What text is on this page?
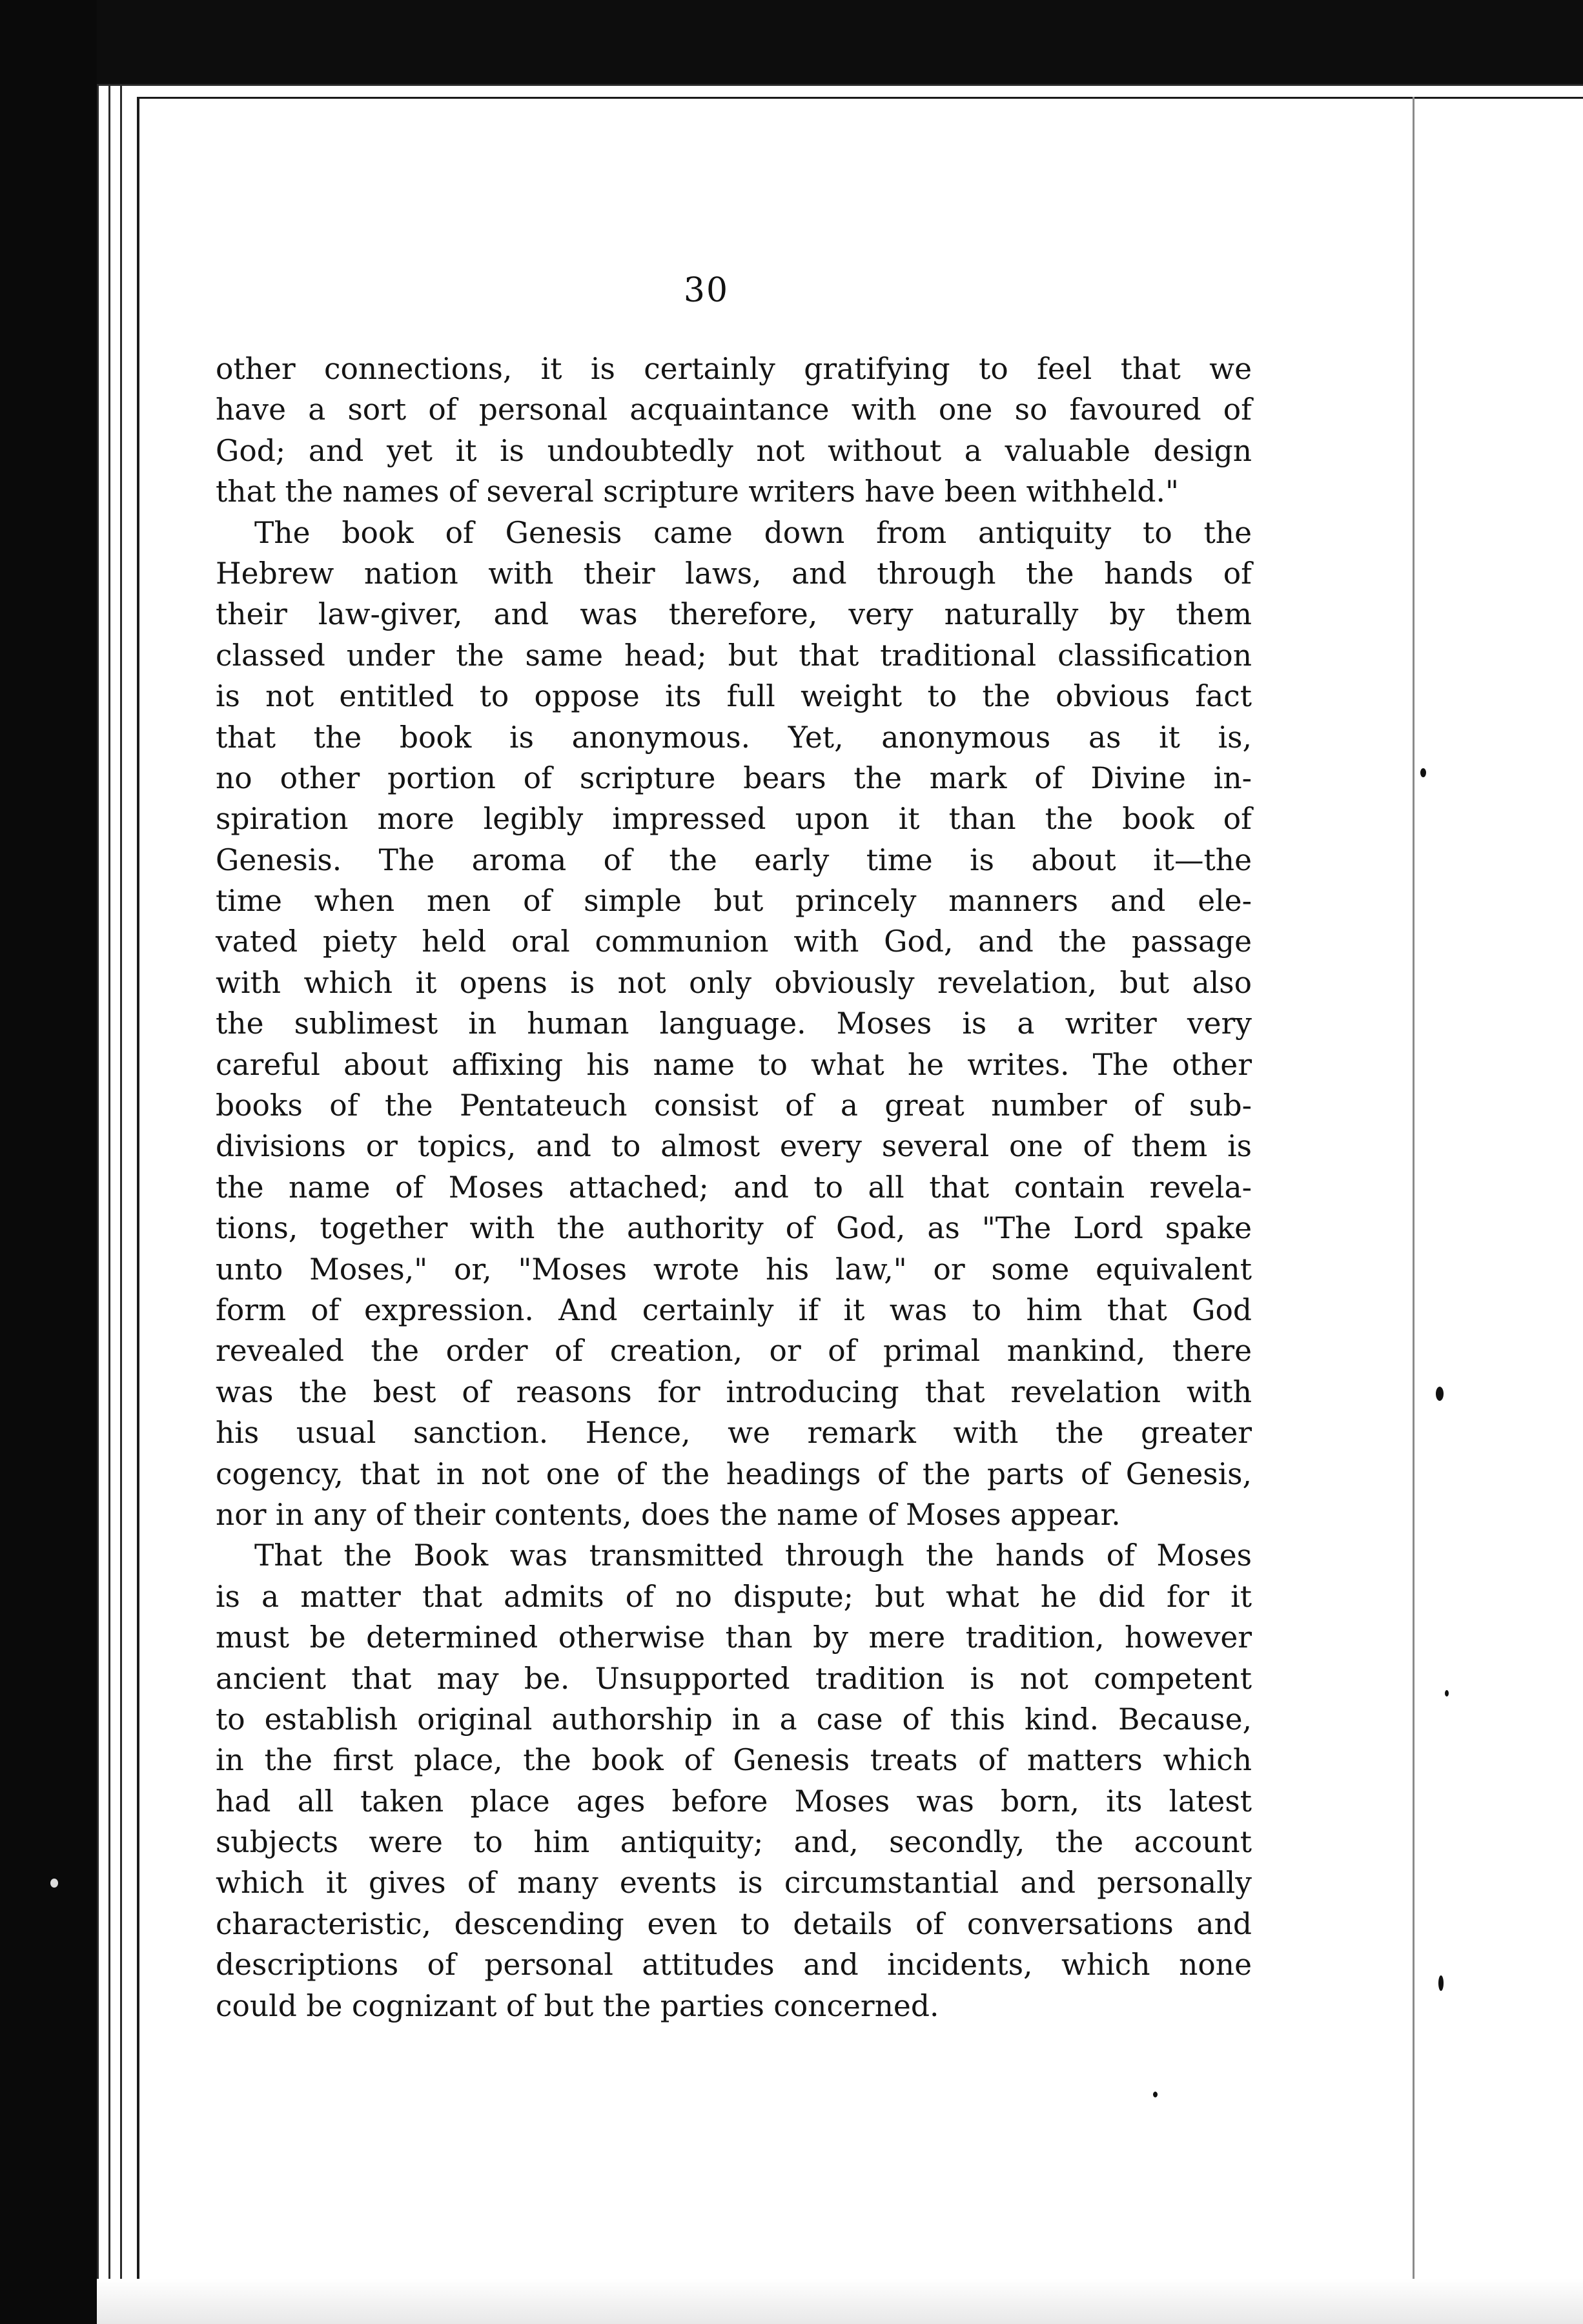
30
other connections, it is certainly gratifying to feel that we
have a sort of personal acquaintance with one so favoured of
God; and yet it is undoubtedly not without a valuable design
that the names of several scripture writers have been withheld."
The book of Genesis came down from antiquity to the
Hebrew nation with their laws, and through the hands of
their law-giver, and was therefore, very naturally by them
classed under the same head; but that traditional classification
is not entitled to oppose its full weight to the obvious fact
that the book is anonymous. Yet, anonymous as it is,
no other portion of scripture bears the mark of Divine in-
spiration more legibly impressed upon it than the book of
Genesis. The aroma of the early time is about it—the
time when men of simple but princely manners and ele-
vated piety held oral communion with God, and the passage
with which it opens is not only obviously revelation, but also
the sublimest in human language. Moses is a writer very
careful about affixing his name to what he writes. The other
books of the Pentateuch consist of a great number of sub-
divisions or topics, and to almost every several one of them is
the name of Moses attached; and to all that contain revela-
tions, together with the authority of God, as "The Lord spake
unto Moses," or, "Moses wrote his law," or some equivalent
form of expression. And certainly if it was to him that God
revealed the order of creation, or of primal mankind, there
was the best of reasons for introducing that revelation with
his usual sanction. Hence, we remark with the greater
cogency, that in not one of the headings of the parts of Genesis,
nor in any of their contents, does the name of Moses appear.
That the Book was transmitted through the hands of Moses
is a matter that admits of no dispute; but what he did for it
must be determined otherwise than by mere tradition, however
ancient that may be. Unsupported tradition is not competent
to establish original authorship in a case of this kind. Because,
in the first place, the book of Genesis treats of matters which
had all taken place ages before Moses was born, its latest
subjects were to him antiquity; and, secondly, the account
which it gives of many events is circumstantial and personally
characteristic, descending even to details of conversations and
descriptions of personal attitudes and incidents, which none
could be cognizant of but the parties concerned.
